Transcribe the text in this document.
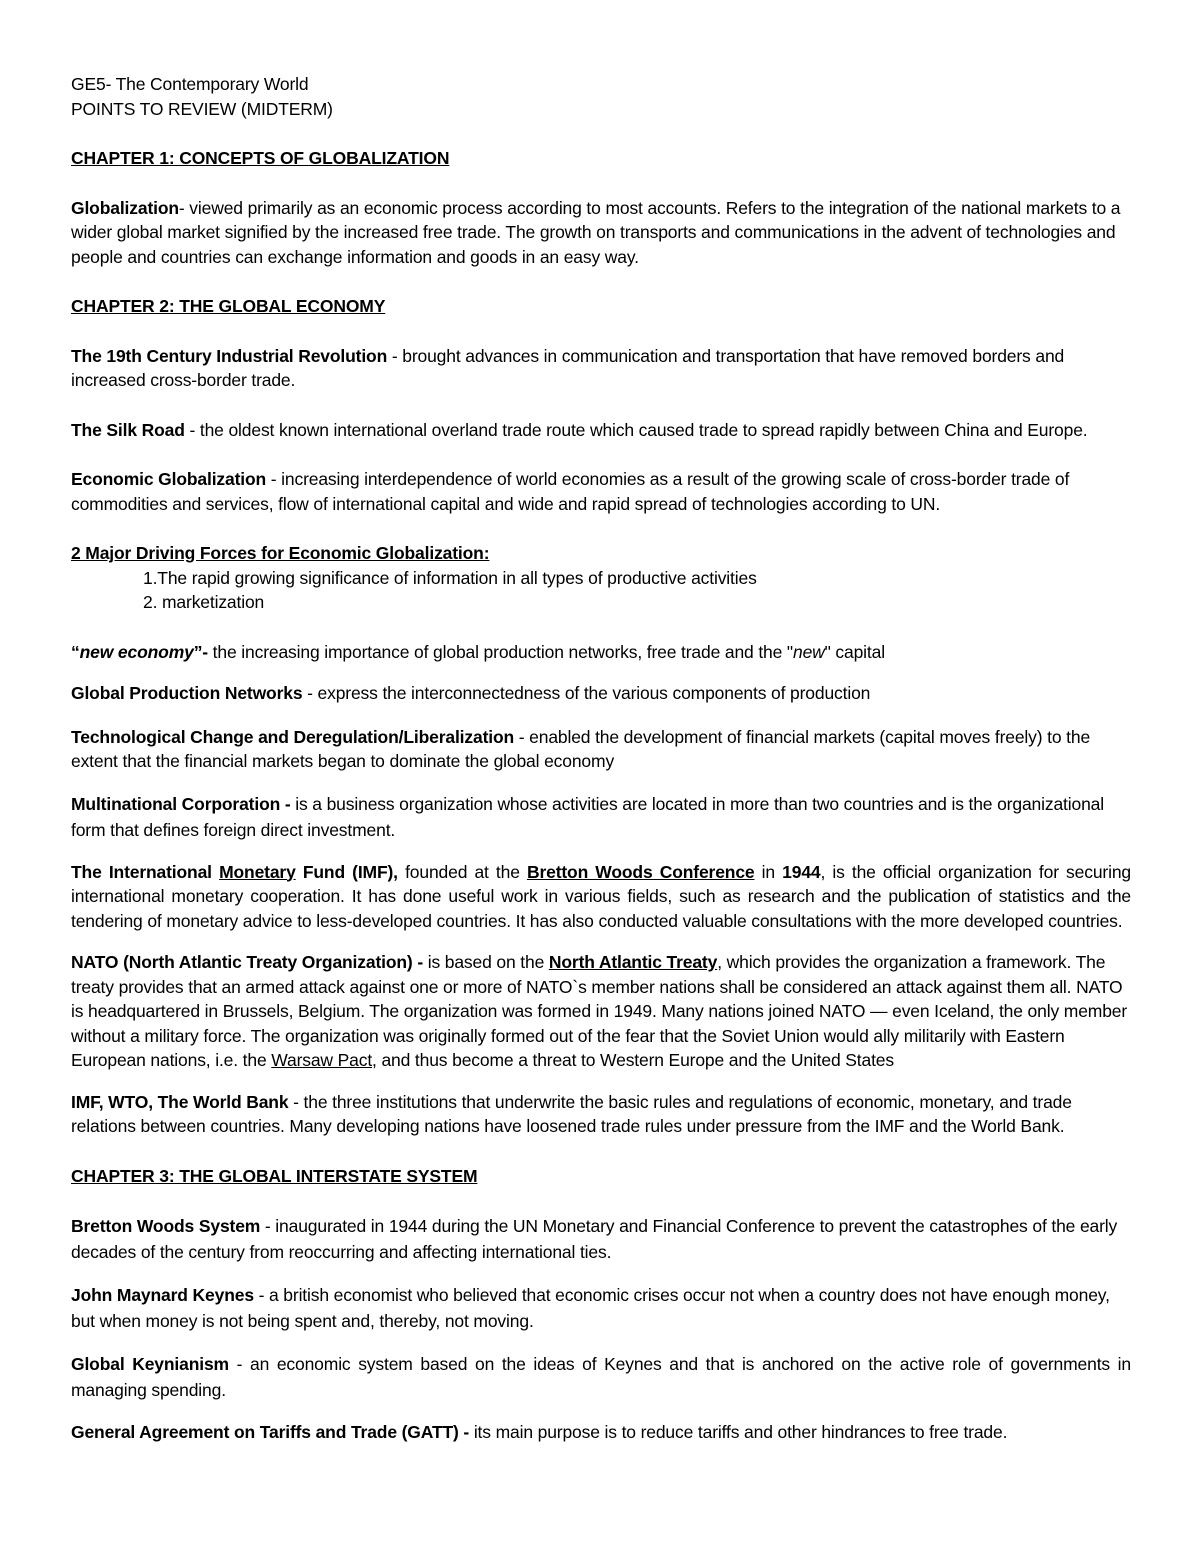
GE5- The Contemporary World
POINTS TO REVIEW (MIDTERM)
CHAPTER 1: CONCEPTS OF GLOBALIZATION

Globalization- viewed primarily as an economic process according to most accounts. Refers to the integration of the national markets to a wider global market signified by the increased free trade. The growth on transports and communications in the advent of technologies and people and countries can exchange information and goods in an easy way.

CHAPTER 2: THE GLOBAL ECONOMY

The 19th Century Industrial Revolution - brought advances in communication and transportation that have removed borders and increased cross-border trade.

The Silk Road - the oldest known international overland trade route which caused trade to spread rapidly between China and Europe.

Economic Globalization - increasing interdependence of world economies as a result of the growing scale of cross-border trade of commodities and services, flow of international capital and wide and rapid spread of technologies according to UN.

2 Major Driving Forces for Economic Globalization:
1.The rapid growing significance of information in all types of productive activities
2. marketization

“new economy”- the increasing importance of global production networks, free trade and the "new" capital

Global Production Networks - express the interconnectedness of the various components of production

Technological Change and Deregulation/Liberalization - enabled the development of financial markets (capital moves freely) to the extent that the financial markets began to dominate the global economy

Multinational Corporation - is a business organization whose activities are located in more than two countries and is the organizational form that defines foreign direct investment.

The International Monetary Fund (IMF), founded at the Bretton Woods Conference in 1944, is the official organization for securing international monetary cooperation. It has done useful work in various fields, such as research and the publication of statistics and the tendering of monetary advice to less-developed countries. It has also conducted valuable consultations with the more developed countries.

NATO (North Atlantic Treaty Organization) - is based on the North Atlantic Treaty, which provides the organization a framework. The treaty provides that an armed attack against one or more of NATO`s member nations shall be considered an attack against them all. NATO is headquartered in Brussels, Belgium. The organization was formed in 1949. Many nations joined NATO — even Iceland, the only member without a military force. The organization was originally formed out of the fear that the Soviet Union would ally militarily with Eastern European nations, i.e. the Warsaw Pact, and thus become a threat to Western Europe and the United States

IMF, WTO, The World Bank - the three institutions that underwrite the basic rules and regulations of economic, monetary, and trade relations between countries. Many developing nations have loosened trade rules under pressure from the IMF and the World Bank.

CHAPTER 3: THE GLOBAL INTERSTATE SYSTEM

Bretton Woods System - inaugurated in 1944 during the UN Monetary and Financial Conference to prevent the catastrophes of the early decades of the century from reoccurring and affecting international ties.

John Maynard Keynes - a british economist who believed that economic crises occur not when a country does not have enough money, but when money is not being spent and, thereby, not moving.

Global Keynianism - an economic system based on the ideas of Keynes and that is anchored on the active role of governments in managing spending.

General Agreement on Tariffs and Trade (GATT) - its main purpose is to reduce tariffs and other hindrances to free trade.
